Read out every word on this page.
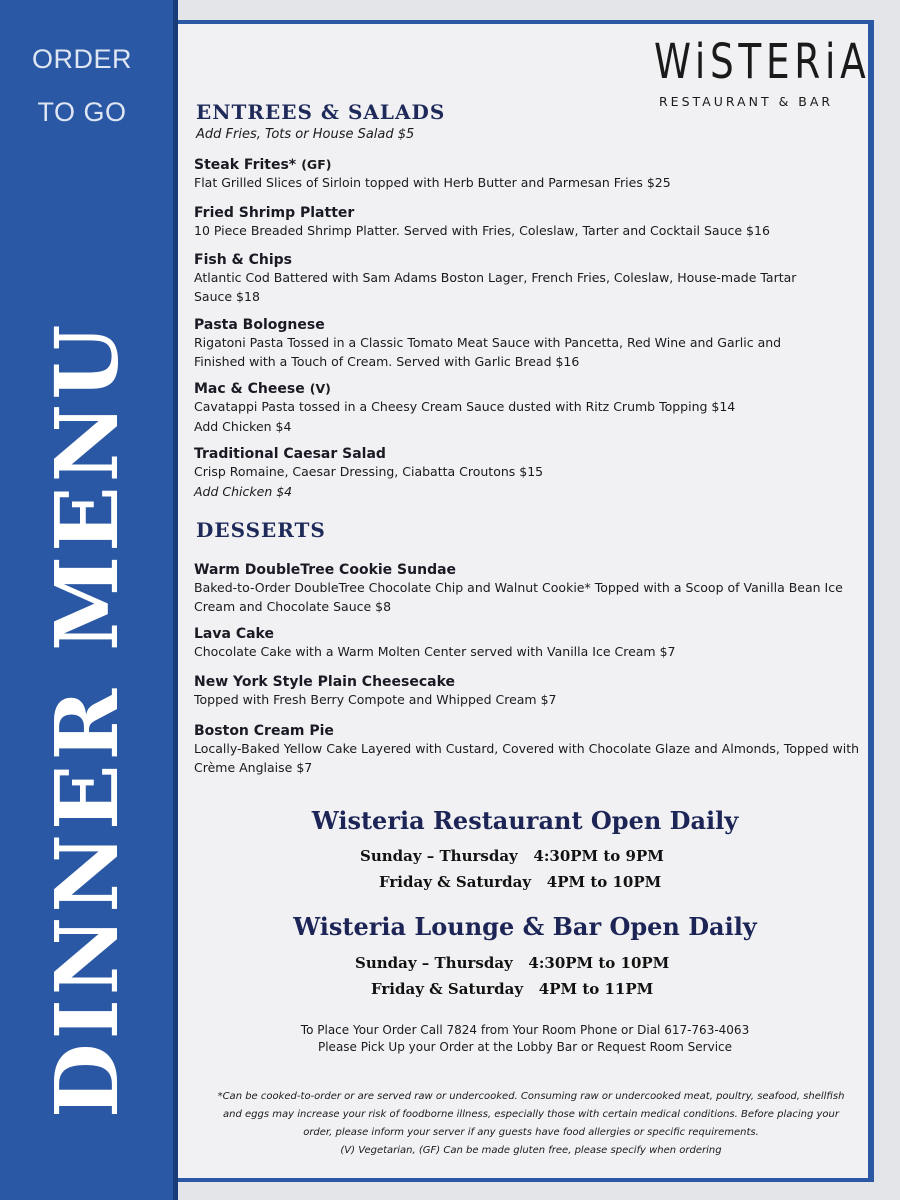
ORDER
TO GO
DINNER MENU
WiSTERiA
RESTAURANT & BAR
ENTREES & SALADS
Add Fries, Tots or House Salad $5
Steak Frites* (GF)
Flat Grilled Slices of Sirloin topped with Herb Butter and Parmesan Fries $25
Fried Shrimp Platter
10 Piece Breaded Shrimp Platter. Served with Fries, Coleslaw, Tarter and Cocktail Sauce $16
Fish & Chips
Atlantic Cod Battered with Sam Adams Boston Lager, French Fries, Coleslaw, House-made Tartar Sauce $18
Pasta Bolognese
Rigatoni Pasta Tossed in a Classic Tomato Meat Sauce with Pancetta, Red Wine and Garlic and Finished with a Touch of Cream. Served with Garlic Bread $16
Mac & Cheese (V)
Cavatappi Pasta tossed in a Cheesy Cream Sauce dusted with Ritz Crumb Topping $14
Add Chicken $4
Traditional Caesar Salad
Crisp Romaine, Caesar Dressing, Ciabatta Croutons $15
Add Chicken $4
DESSERTS
Warm DoubleTree Cookie Sundae
Baked-to-Order DoubleTree Chocolate Chip and Walnut Cookie* Topped with a Scoop of Vanilla Bean Ice Cream and Chocolate Sauce $8
Lava Cake
Chocolate Cake with a Warm Molten Center served with Vanilla Ice Cream $7
New York Style Plain Cheesecake
Topped with Fresh Berry Compote and Whipped Cream $7
Boston Cream Pie
Locally-Baked Yellow Cake Layered with Custard, Covered with Chocolate Glaze and Almonds, Topped with Crème Anglaise $7
Wisteria Restaurant Open Daily
Sunday – Thursday   4:30PM to 9PM
Friday & Saturday   4PM to 10PM
Wisteria Lounge & Bar Open Daily
Sunday – Thursday   4:30PM to 10PM
Friday & Saturday   4PM to 11PM
To Place Your Order Call 7824 from Your Room Phone or Dial 617-763-4063
Please Pick Up your Order at the Lobby Bar or Request Room Service
*Can be cooked-to-order or are served raw or undercooked. Consuming raw or undercooked meat, poultry, seafood, shellfish
and eggs may increase your risk of foodborne illness, especially those with certain medical conditions. Before placing your
order, please inform your server if any guests have food allergies or specific requirements.
(V) Vegetarian, (GF) Can be made gluten free, please specify when ordering
